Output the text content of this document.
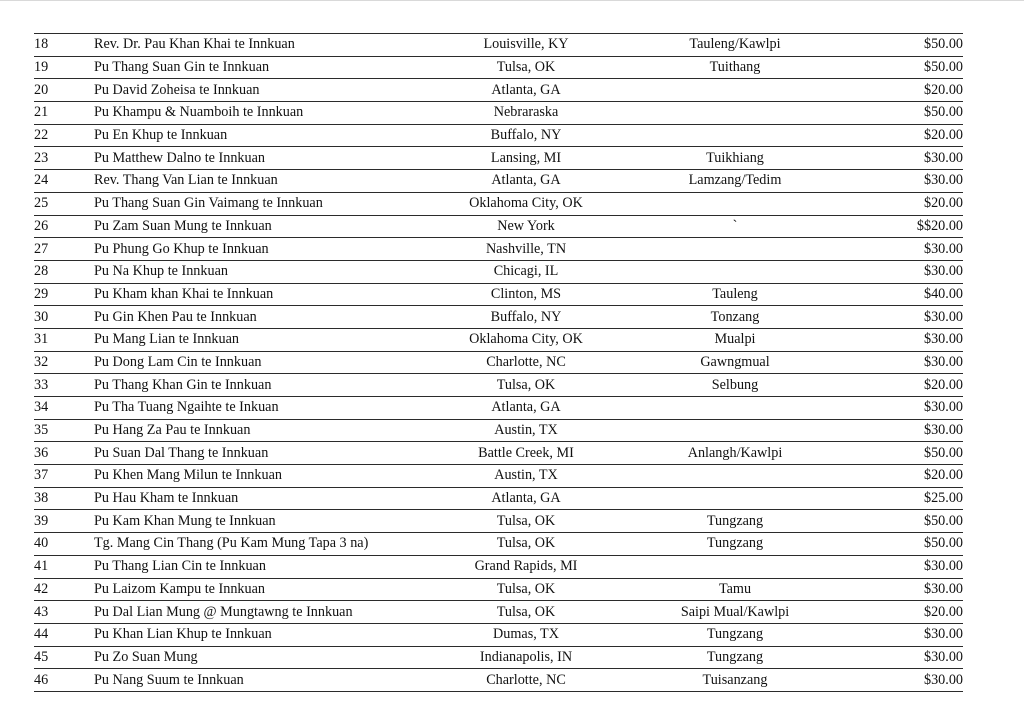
18	Rev. Dr. Pau Khan Khai te Innkuan	Louisville, KY	Tauleng/Kawlpi	$50.00
19	Pu Thang Suan Gin te Innkuan	Tulsa, OK	Tuithang	$50.00
20	Pu David Zoheisa te Innkuan	Atlanta, GA		$20.00
21	Pu Khampu & Nuamboih te Innkuan	Nebraraska		$50.00
22	Pu En Khup te Innkuan	Buffalo, NY		$20.00
23	Pu Matthew Dalno te Innkuan	Lansing, MI	Tuikhiang	$30.00
24	Rev. Thang Van Lian te Innkuan	Atlanta, GA	Lamzang/Tedim	$30.00
25	Pu Thang Suan Gin Vaimang te Innkuan	Oklahoma City, OK		$20.00
26	Pu Zam Suan Mung te Innkuan	New York	`	$$20.00
27	Pu Phung Go Khup te Innkuan	Nashville, TN		$30.00
28	Pu Na Khup te Innkuan	Chicagi, IL		$30.00
29	Pu Kham khan Khai te Innkuan	Clinton, MS	Tauleng	$40.00
30	Pu Gin Khen Pau te Innkuan	Buffalo, NY	Tonzang	$30.00
31	Pu Mang Lian te Innkuan	Oklahoma City, OK	Mualpi	$30.00
32	Pu Dong Lam Cin te Innkuan	Charlotte, NC	Gawngmual	$30.00
33	Pu Thang Khan Gin te Innkuan	Tulsa, OK	Selbung	$20.00
34	Pu Tha Tuang Ngaihte te Inkuan	Atlanta, GA		$30.00
35	Pu Hang Za Pau te Innkuan	Austin, TX		$30.00
36	Pu Suan Dal Thang te Innkuan	Battle Creek, MI	Anlangh/Kawlpi	$50.00
37	Pu Khen Mang Milun te Innkuan	Austin, TX		$20.00
38	Pu Hau Kham te Innkuan	Atlanta, GA		$25.00
39	Pu Kam Khan Mung te Innkuan	Tulsa, OK	Tungzang	$50.00
40	Tg. Mang Cin Thang (Pu Kam Mung Tapa 3 na)	Tulsa, OK	Tungzang	$50.00
41	Pu Thang Lian Cin te Innkuan	Grand Rapids, MI		$30.00
42	Pu Laizom Kampu te Innkuan	Tulsa, OK	Tamu	$30.00
43	Pu Dal Lian Mung @ Mungtawng te Innkuan	Tulsa, OK	Saipi Mual/Kawlpi	$20.00
44	Pu Khan Lian Khup te Innkuan	Dumas, TX	Tungzang	$30.00
45	Pu Zo Suan Mung	Indianapolis, IN	Tungzang	$30.00
46	Pu Nang Suum te Innkuan	Charlotte, NC	Tuisanzang	$30.00
